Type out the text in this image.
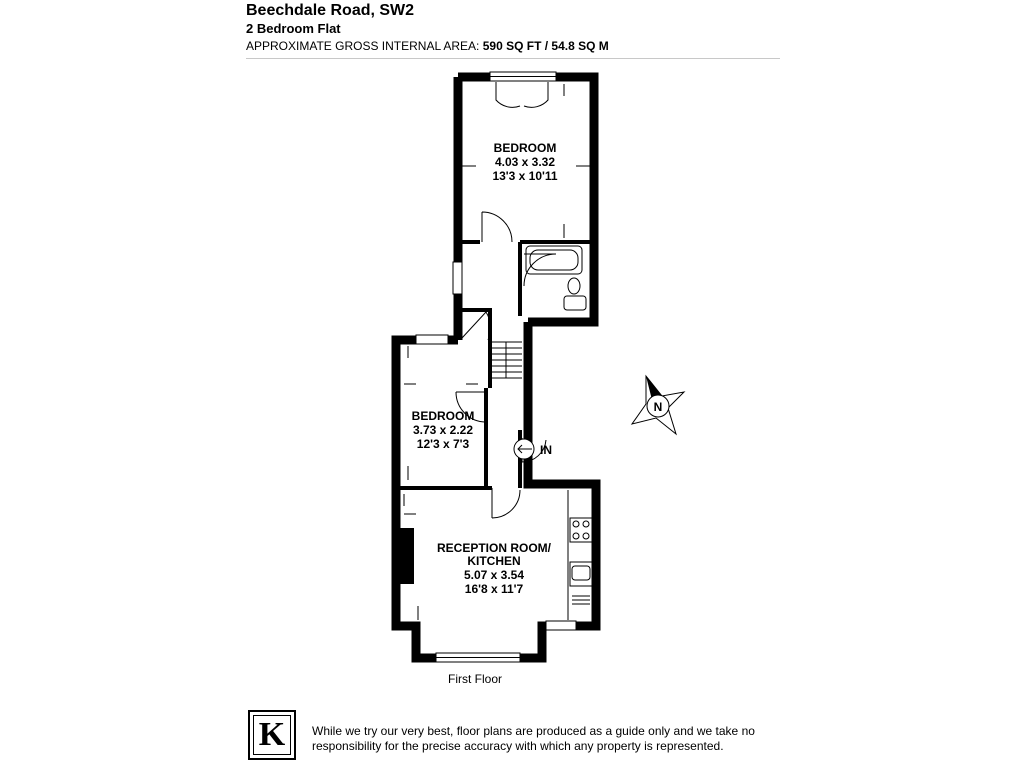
Beechdale Road, SW2
2 Bedroom Flat
APPROXIMATE GROSS INTERNAL AREA: 590 SQ FT / 54.8 SQ M
BEDROOM
4.03 x 3.32
13'3 x 10'11
BEDROOM
3.73 x 2.22
12'3 x 7'3
RECEPTION ROOM/
KITCHEN
5.07 x 3.54
16'8 x 11'7
IN
N
First Floor
K	While we try our very best, floor plans are produced as a guide only and we take no responsibility for the precise accuracy with which any property is represented.
